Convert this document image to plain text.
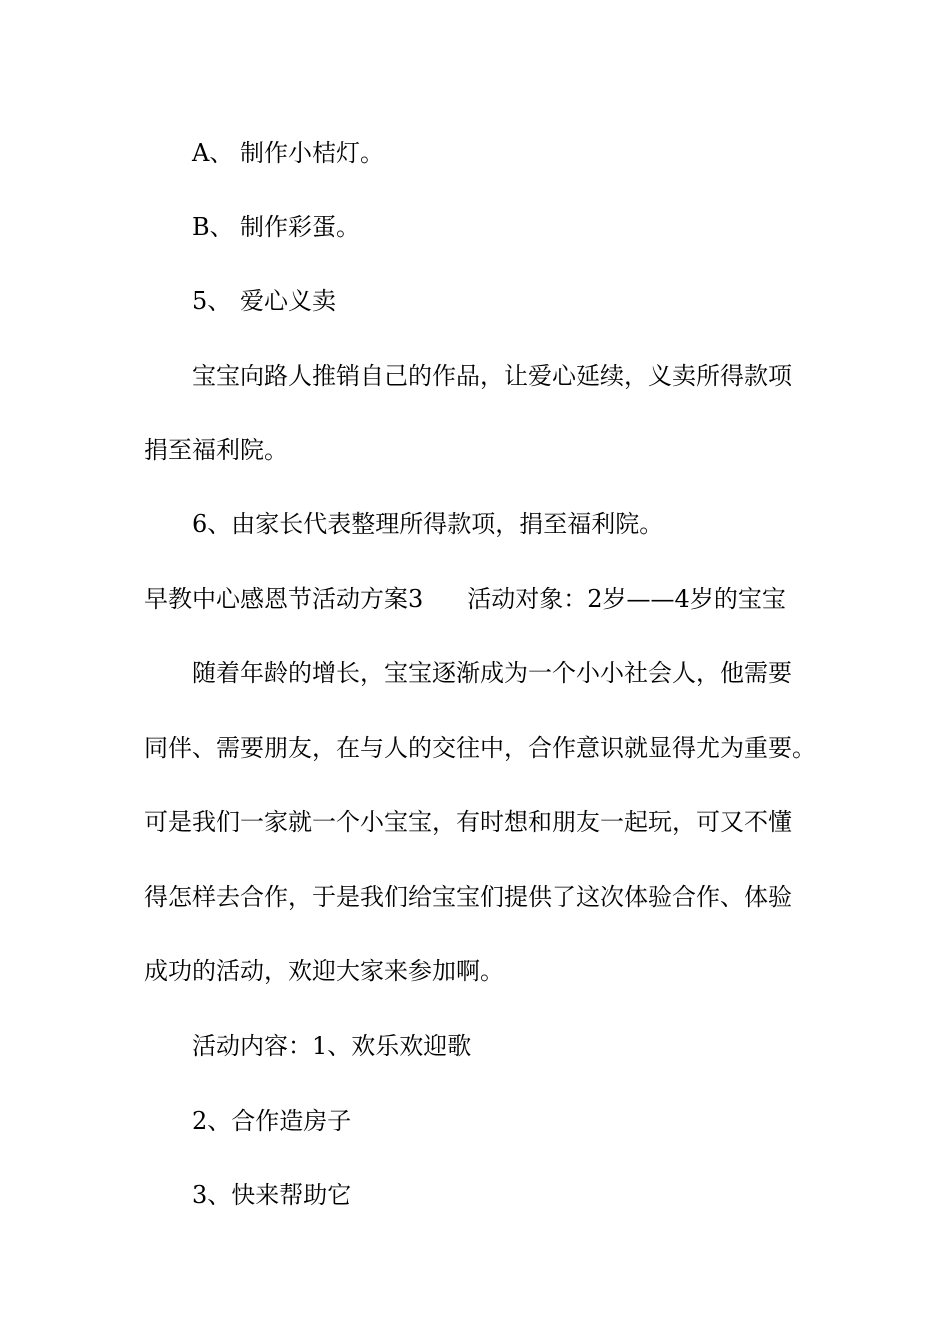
A、 制作小桔灯。
B、 制作彩蛋。
5、 爱心义卖
宝宝向路人推销自己的作品，让爱心延续，义卖所得款项
捐至福利院。
6、由家长代表整理所得款项，捐至福利院。
早教中心感恩节活动方案3 活动对象：2岁——4岁的宝宝
随着年龄的增长，宝宝逐渐成为一个小小社会人，他需要
同伴、需要朋友，在与人的交往中，合作意识就显得尤为重要。
可是我们一家就一个小宝宝，有时想和朋友一起玩，可又不懂
得怎样去合作，于是我们给宝宝们提供了这次体验合作、体验
成功的活动，欢迎大家来参加啊。
活动内容：1、欢乐欢迎歌
2、合作造房子
3、快来帮助它
